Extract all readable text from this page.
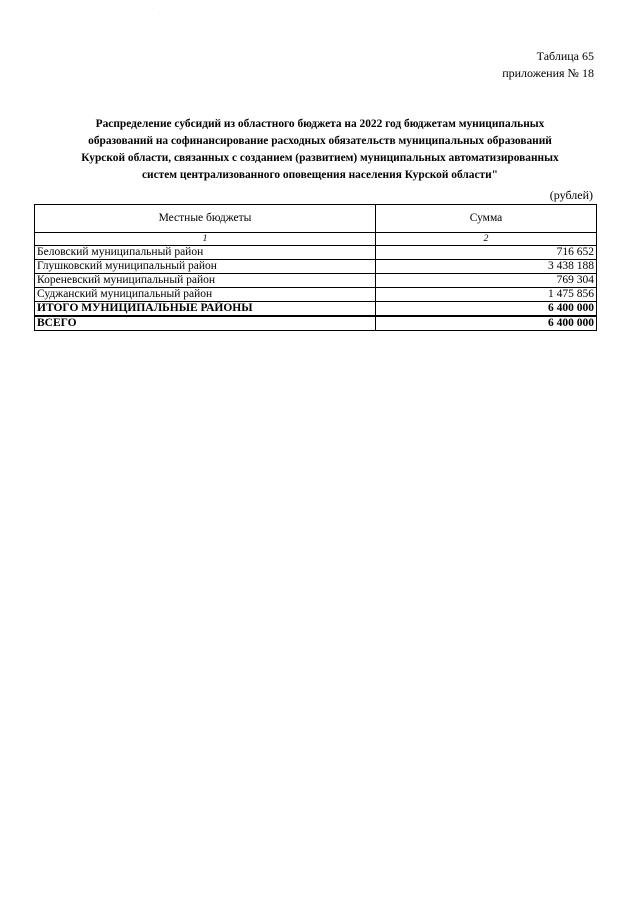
Таблица 65
приложения № 18
Распределение субсидий из областного бюджета на 2022 год бюджетам муниципальных
образований на софинансирование расходных обязательств муниципальных образований
Курской области, связанных с созданием (развитием) муниципальных автоматизированных
систем централизованного оповещения населения Курской области"
(рублей)
Местные бюджеты	Сумма
1	2
Беловский муниципальный район	716 652
Глушковский муниципальный район	3 438 188
Кореневский муниципальный район	769 304
Суджанский муниципальный район	1 475 856
ИТОГО МУНИЦИПАЛЬНЫЕ РАЙОНЫ	6 400 000
ВСЕГО	6 400 000
·
·
